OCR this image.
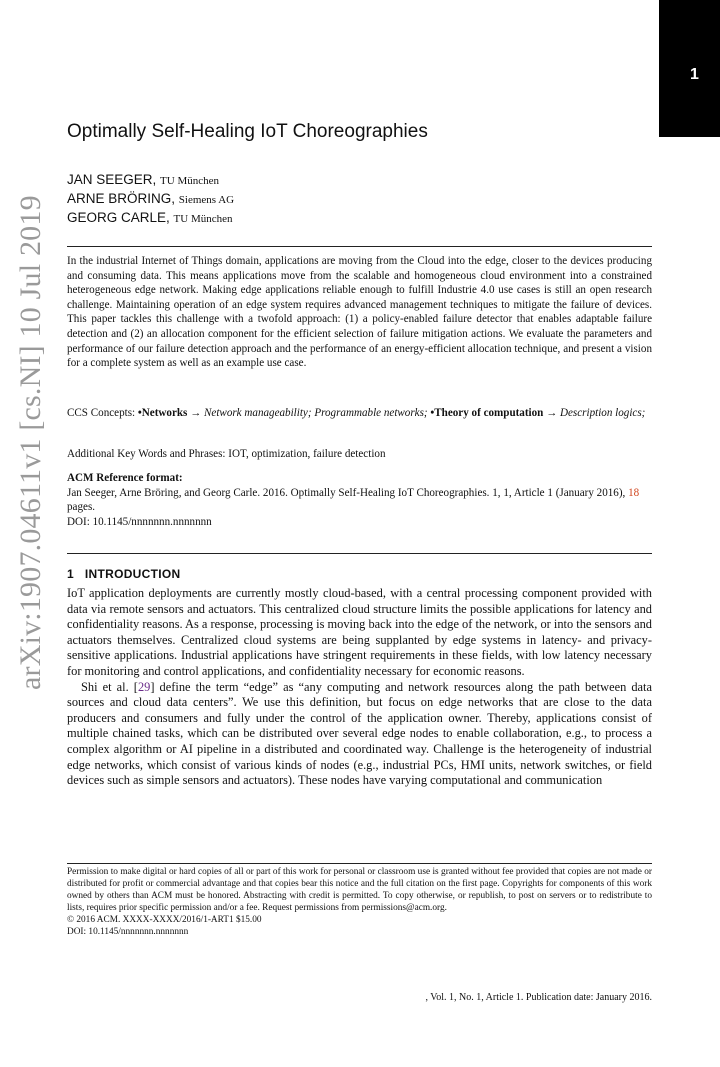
1
arXiv:1907.04611v1 [cs.NI] 10 Jul 2019
Optimally Self-Healing IoT Choreographies
JAN SEEGER, TU München
ARNE BRÖRING, Siemens AG
GEORG CARLE, TU München
In the industrial Internet of Things domain, applications are moving from the Cloud into the edge, closer to the devices producing and consuming data. This means applications move from the scalable and homogeneous cloud environment into a constrained heterogeneous edge network. Making edge applications reliable enough to fulfill Industrie 4.0 use cases is still an open research challenge. Maintaining operation of an edge system requires advanced management techniques to mitigate the failure of devices. This paper tackles this challenge with a twofold approach: (1) a policy-enabled failure detector that enables adaptable failure detection and (2) an allocation component for the efficient selection of failure mitigation actions. We evaluate the parameters and performance of our failure detection approach and the performance of an energy-efficient allocation technique, and present a vision for a complete system as well as an example use case.
CCS Concepts: •Networks → Network manageability; Programmable networks; •Theory of computation → Description logics;
Additional Key Words and Phrases: IOT, optimization, failure detection
ACM Reference format:
Jan Seeger, Arne Bröring, and Georg Carle. 2016. Optimally Self-Healing IoT Choreographies. 1, 1, Article 1 (January 2016), 18 pages.
DOI: 10.1145/nnnnnnn.nnnnnnn
1 INTRODUCTION

IoT application deployments are currently mostly cloud-based, with a central processing component provided with data via remote sensors and actuators. This centralized cloud structure limits the possible applications for latency and confidentiality reasons. As a response, processing is moving back into the edge of the network, or into the sensors and actuators themselves. Centralized cloud systems are being supplanted by edge systems in latency- and privacy-sensitive applications. Industrial applications have stringent requirements in these fields, with low latency necessary for monitoring and control applications, and confidentiality necessary for economic reasons.

Shi et al. [29] define the term “edge” as “any computing and network resources along the path between data sources and cloud data centers”. We use this definition, but focus on edge networks that are close to the data producers and consumers and fully under the control of the application owner. Thereby, applications consist of multiple chained tasks, which can be distributed over several edge nodes to enable collaboration, e.g., to process a complex algorithm or AI pipeline in a distributed and coordinated way. Challenge is the heterogeneity of industrial edge networks, which consist of various kinds of nodes (e.g., industrial PCs, HMI units, network switches, or field devices such as simple sensors and actuators). These nodes have varying computational and communication

Permission to make digital or hard copies of all or part of this work for personal or classroom use is granted without fee provided that copies are not made or distributed for profit or commercial advantage and that copies bear this notice and the full citation on the first page. Copyrights for components of this work owned by others than ACM must be honored. Abstracting with credit is permitted. To copy otherwise, or republish, to post on servers or to redistribute to lists, requires prior specific permission and/or a fee. Request permissions from permissions@acm.org.
© 2016 ACM. XXXX-XXXX/2016/1-ART1 $15.00
DOI: 10.1145/nnnnnnn.nnnnnnn
, Vol. 1, No. 1, Article 1. Publication date: January 2016.
